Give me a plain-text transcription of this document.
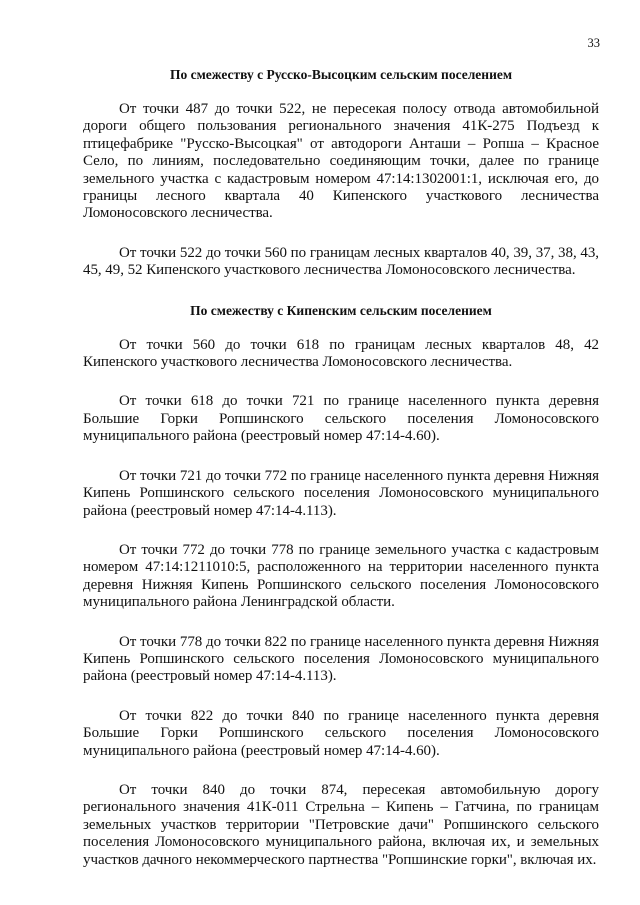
33
По смежеству с Русско-Высоцким сельским поселением

От точки 487 до точки 522, не пересекая полосу отвода автомобильной дороги общего пользования регионального значения 41К-275 Подъезд к птицефабрике "Русско-Высоцкая" от автодороги Анташи – Ропша – Красное Село, по линиям, последовательно соединяющим точки, далее по границе земельного участка с кадастровым номером 47:14:1302001:1, исключая его, до границы лесного квартала 40 Кипенского участкового лесничества Ломоносовского лесничества.

От точки 522 до точки 560 по границам лесных кварталов 40, 39, 37, 38, 43, 45, 49, 52 Кипенского участкового лесничества Ломоносовского лесничества.

По смежеству с Кипенским сельским поселением

От точки 560 до точки 618 по границам лесных кварталов 48, 42 Кипенского участкового лесничества Ломоносовского лесничества.

От точки 618 до точки 721 по границе населенного пункта деревня Большие Горки Ропшинского сельского поселения Ломоносовского муниципального района (реестровый номер 47:14-4.60).

От точки 721 до точки 772 по границе населенного пункта деревня Нижняя Кипень Ропшинского сельского поселения Ломоносовского муниципального района (реестровый номер 47:14-4.113).

От точки 772 до точки 778 по границе земельного участка с кадастровым номером 47:14:1211010:5, расположенного на территории населенного пункта деревня Нижняя Кипень Ропшинского сельского поселения Ломоносовского муниципального района Ленинградской области.

От точки 778 до точки 822 по границе населенного пункта деревня Нижняя Кипень Ропшинского сельского поселения Ломоносовского муниципального района (реестровый номер 47:14-4.113).

От точки 822 до точки 840 по границе населенного пункта деревня Большие Горки Ропшинского сельского поселения Ломоносовского муниципального района (реестровый номер 47:14-4.60).

От точки 840 до точки 874, пересекая автомобильную дорогу регионального значения 41К-011 Стрельна – Кипень – Гатчина, по границам земельных участков территории "Петровские дачи" Ропшинского сельского поселения Ломоносовского муниципального района, включая их, и земельных участков дачного некоммерческого партнества "Ропшинские горки", включая их.
